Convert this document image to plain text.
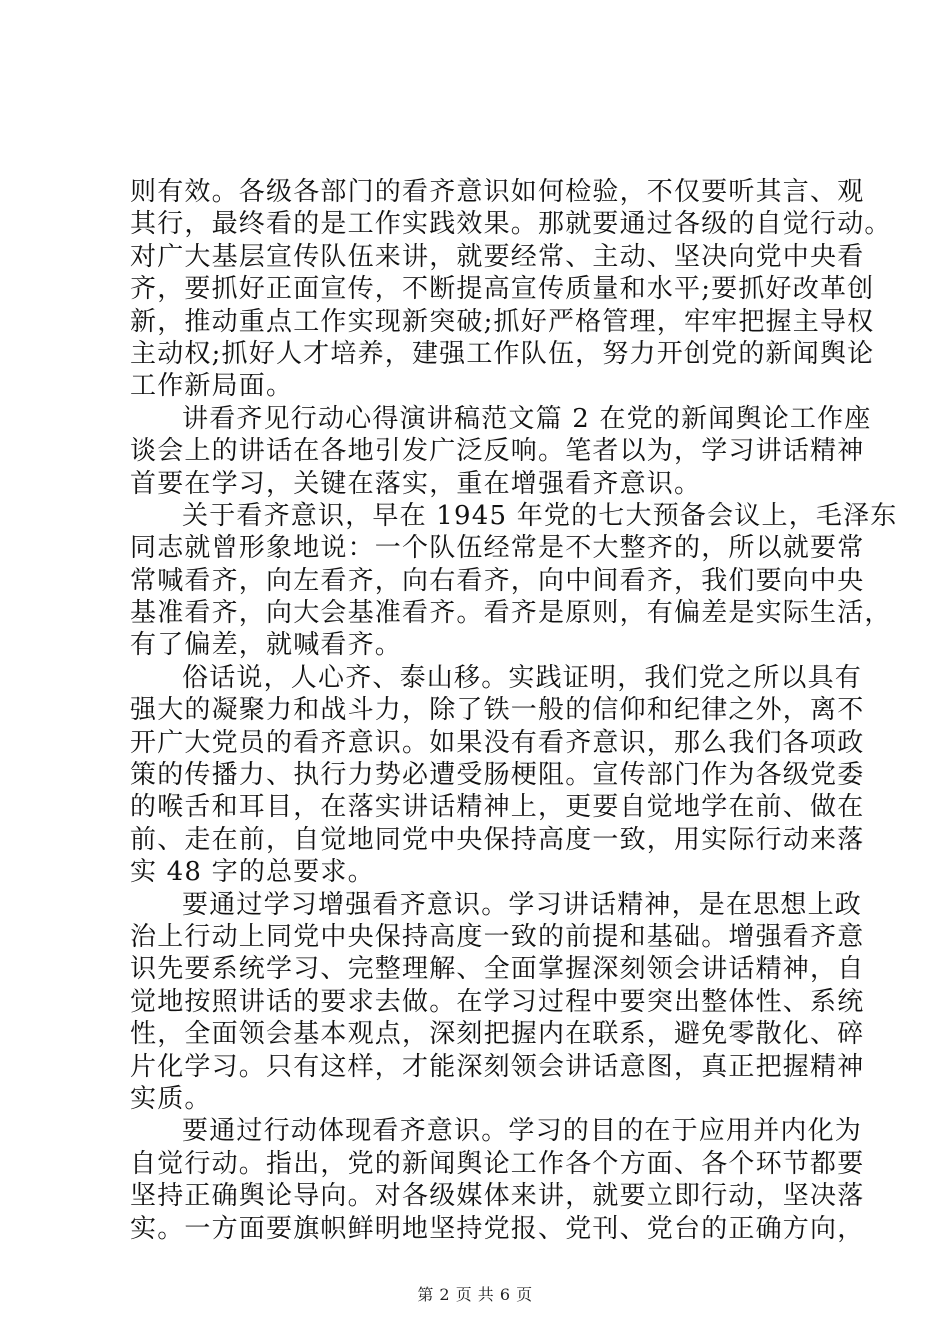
则有效。各级各部门的看齐意识如何检验，不仅要听其言、观
其行，最终看的是工作实践效果。那就要通过各级的自觉行动。
对广大基层宣传队伍来讲，就要经常、主动、坚决向党中央看
齐，要抓好正面宣传，不断提高宣传质量和水平;要抓好改革创
新，推动重点工作实现新突破;抓好严格管理，牢牢把握主导权
主动权;抓好人才培养，建强工作队伍，努力开创党的新闻舆论
工作新局面。
讲看齐见行动心得演讲稿范文篇 2 在党的新闻舆论工作座
谈会上的讲话在各地引发广泛反响。笔者以为，学习讲话精神
首要在学习，关键在落实，重在增强看齐意识。
关于看齐意识，早在 1945 年党的七大预备会议上，毛泽东
同志就曾形象地说：一个队伍经常是不大整齐的，所以就要常
常喊看齐，向左看齐，向右看齐，向中间看齐，我们要向中央
基准看齐，向大会基准看齐。看齐是原则，有偏差是实际生活，
有了偏差，就喊看齐。
俗话说，人心齐、泰山移。实践证明，我们党之所以具有
强大的凝聚力和战斗力，除了铁一般的信仰和纪律之外，离不
开广大党员的看齐意识。如果没有看齐意识，那么我们各项政
策的传播力、执行力势必遭受肠梗阻。宣传部门作为各级党委
的喉舌和耳目，在落实讲话精神上，更要自觉地学在前、做在
前、走在前，自觉地同党中央保持高度一致，用实际行动来落
实 48 字的总要求。
要通过学习增强看齐意识。学习讲话精神，是在思想上政
治上行动上同党中央保持高度一致的前提和基础。增强看齐意
识先要系统学习、完整理解、全面掌握深刻领会讲话精神，自
觉地按照讲话的要求去做。在学习过程中要突出整体性、系统
性，全面领会基本观点，深刻把握内在联系，避免零散化、碎
片化学习。只有这样，才能深刻领会讲话意图，真正把握精神
实质。
要通过行动体现看齐意识。学习的目的在于应用并内化为
自觉行动。指出，党的新闻舆论工作各个方面、各个环节都要
坚持正确舆论导向。对各级媒体来讲，就要立即行动，坚决落
实。一方面要旗帜鲜明地坚持党报、党刊、党台的正确方向，
第 2 页 共 6 页
